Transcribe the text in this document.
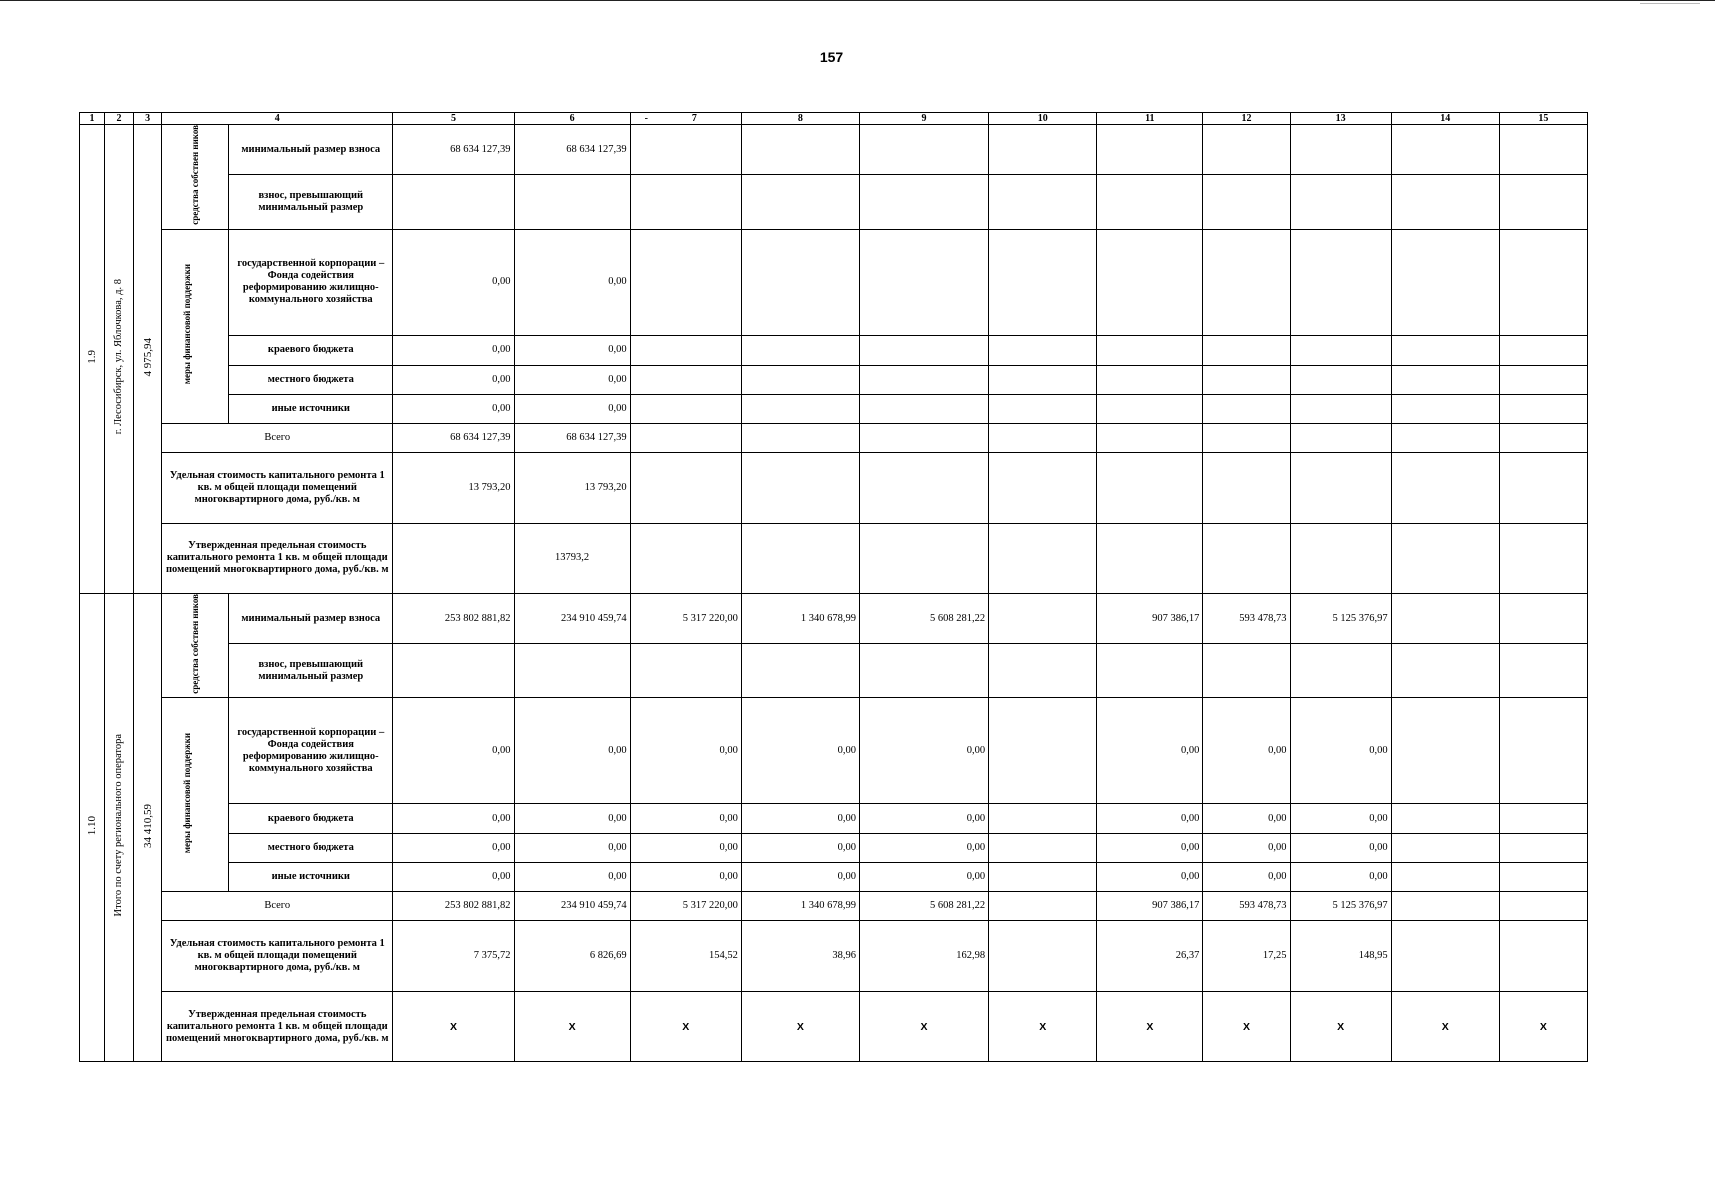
157
1	2	3	4		5	6	- 7	8	9	10	11	12	13	14	15
1.9	г. Лесосибирск, ул. Яблочкова, д. 8	4 975,94	средства собствен ников	минимальный размер взноса	68 634 127,39	68 634 127,39									
				взнос, превышающий минимальный размер											
			меры финансовой поддержки	государственной корпорации – Фонда содействия реформированию жилищно-коммунального хозяйства	0,00	0,00									
				краевого бюджета	0,00	0,00									
				местного бюджета	0,00	0,00									
				иные источники	0,00	0,00									
			Всего		68 634 127,39	68 634 127,39									
			Удельная стоимость капитального ремонта 1 кв. м общей площади помещений многоквартирного дома, руб./кв. м		13 793,20	13 793,20									
			Утвержденная предельная стоимость капитального ремонта 1 кв. м общей площади помещений многоквартирного дома, руб./кв. м			13793,2									
1.10	Итого по счету регионального оператора	34 410,59	средства собствен ников	минимальный размер взноса	253 802 881,82	234 910 459,74	5 317 220,00	1 340 678,99	5 608 281,22		907 386,17	593 478,73	5 125 376,97		
				взнос, превышающий минимальный размер											
			меры финансовой поддержки	государственной корпорации – Фонда содействия реформированию жилищно-коммунального хозяйства	0,00	0,00	0,00	0,00	0,00		0,00	0,00	0,00		
				краевого бюджета	0,00	0,00	0,00	0,00	0,00		0,00	0,00	0,00		
				местного бюджета	0,00	0,00	0,00	0,00	0,00		0,00	0,00	0,00		
				иные источники	0,00	0,00	0,00	0,00	0,00		0,00	0,00	0,00		
			Всего		253 802 881,82	234 910 459,74	5 317 220,00	1 340 678,99	5 608 281,22		907 386,17	593 478,73	5 125 376,97		
			Удельная стоимость капитального ремонта 1 кв. м общей площади помещений многоквартирного дома, руб./кв. м		7 375,72	6 826,69	154,52	38,96	162,98		26,37	17,25	148,95		
			Утвержденная предельная стоимость капитального ремонта 1 кв. м общей площади помещений многоквартирного дома, руб./кв. м		X	X	X	X	X	X	X	X	X	X	X
